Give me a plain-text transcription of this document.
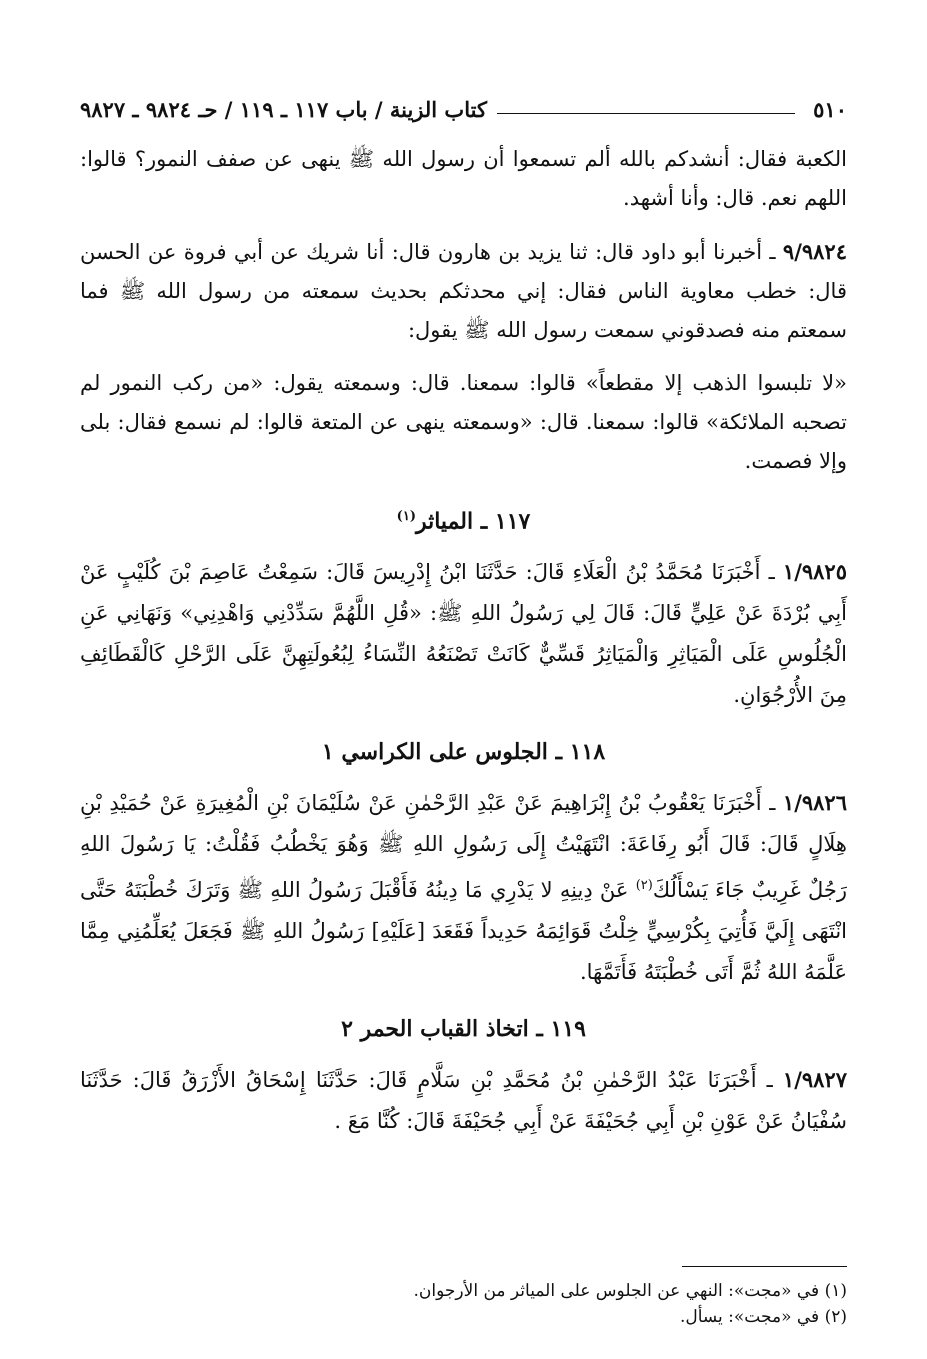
٥١٠
كتاب الزينة / باب ١١٧ ـ ١١٩ / حـ ٩٨٢٤ ـ ٩٨٢٧

الكعبة فقال: أنشدكم بالله ألم تسمعوا أن رسول الله ﷺ ينهى عن صفف النمور؟ قالوا: اللهم نعم. قال: وأنا أشهد.

٩/٩٨٢٤ ـ أخبرنا أبو داود قال: ثنا يزيد بن هارون قال: أنا شريك عن أبي فروة عن الحسن قال: خطب معاوية الناس فقال: إني محدثكم بحديث سمعته من رسول الله ﷺ فما سمعتم منه فصدقوني سمعت رسول الله ﷺ يقول:

«لا تلبسوا الذهب إلا مقطعاً» قالوا: سمعنا. قال: وسمعته يقول: «من ركب النمور لم تصحبه الملائكة» قالوا: سمعنا. قال: «وسمعته ينهى عن المتعة قالوا: لم نسمع فقال: بلى وإلا فصمت.

١١٧ ـ المياثر$^{(١)}$

١/٩٨٢٥ ـ أَخْبَرَنَا مُحَمَّدُ بْنُ الْعَلَاءِ قَالَ: حَدَّثَنَا ابْنُ إِدْرِيسَ قَالَ: سَمِعْتُ عَاصِمَ بْنَ كُلَيْبٍ عَنْ أَبِي بُرْدَةَ عَنْ عَلِيٍّ قَالَ: قَالَ لِي رَسُولُ اللهِ ﷺ: «قُلِ اللَّهُمَّ سَدِّدْنِي وَاهْدِنِي» وَنَهَانِي عَنِ الْجُلُوسِ عَلَى الْمَيَاثِرِ وَالْمَيَاثِرُ قَسِّيٌّ كَانَتْ تَصْنَعُهُ النِّسَاءُ لِبُعُولَتِهِنَّ عَلَى الرَّحْلِ كَالْقَطَائِفِ مِنَ الأُرْجُوَانِ.

١١٨ ـ الجلوس على الكراسي ١

١/٩٨٢٦ ـ أَخْبَرَنَا يَعْقُوبُ بْنُ إِبْرَاهِيمَ عَنْ عَبْدِ الرَّحْمٰنِ عَنْ سُلَيْمَانَ بْنِ الْمُغِيرَةِ عَنْ حُمَيْدِ بْنِ هِلَالٍ قَالَ: قَالَ أَبُو رِفَاعَةَ: انْتَهَيْتُ إِلَى رَسُولِ اللهِ ﷺ وَهُوَ يَخْطُبُ فَقُلْتُ: يَا رَسُولَ اللهِ رَجُلٌ غَرِيبٌ جَاءَ يَسْأَلُكَ$^{(٢)}$ عَنْ دِينِهِ لا يَدْرِي مَا دِينُهُ فَأَقْبَلَ رَسُولُ اللهِ ﷺ وَتَرَكَ خُطْبَتَهُ حَتَّى انْتَهَى إِلَيَّ فَأُتِيَ بِكُرْسِيٍّ خِلْتُ قَوَائِمَهُ حَدِيداً فَقَعَدَ [عَلَيْهِ] رَسُولُ اللهِ ﷺ فَجَعَلَ يُعَلِّمُنِي مِمَّا عَلَّمَهُ اللهُ ثُمَّ أَتَى خُطْبَتَهُ فَأَتَمَّهَا.

١١٩ ـ اتخاذ القباب الحمر ٢

١/٩٨٢٧ ـ أَخْبَرَنَا عَبْدُ الرَّحْمٰنِ بْنُ مُحَمَّدِ بْنِ سَلَّامٍ قَالَ: حَدَّثَنَا إِسْحَاقُ الأَزْرَقُ قَالَ: حَدَّثَنَا سُفْيَانُ عَنْ عَوْنِ بْنِ أَبِي جُحَيْفَةَ عَنْ أَبِي جُحَيْفَةَ قَالَ: كُنَّا مَعَ .

(١) في «مجت»: النهي عن الجلوس على المياثر من الأرجوان.
(٢) في «مجت»: يسأل.
